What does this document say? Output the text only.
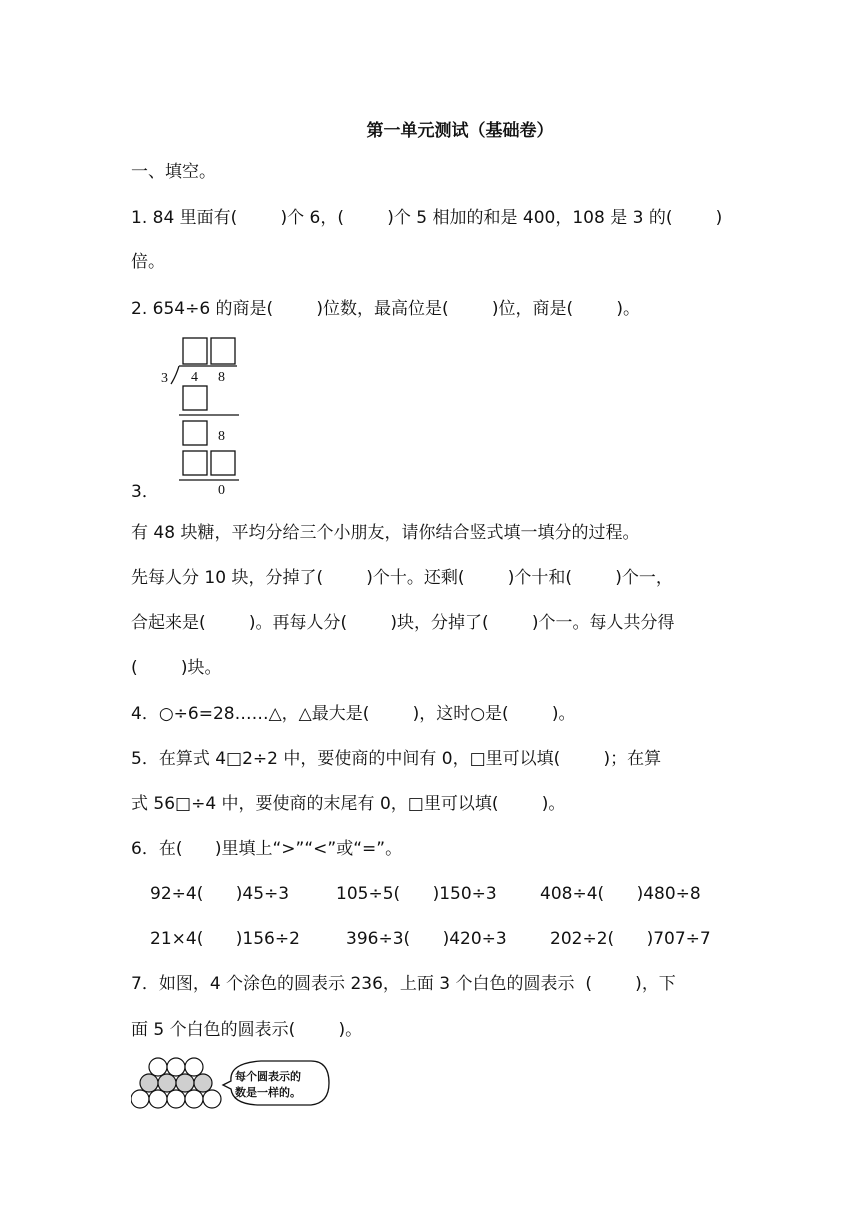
第一单元测试（基础卷）
一、填空。
1. 84 里面有(        )个 6，(        )个 5 相加的和是 400，108 是 3 的(        )
倍。
2. 654÷6 的商是(        )位数，最高位是(        )位，商是(        )。
3 4 8
8
0
3．
有 48 块糖，平均分给三个小朋友，请你结合竖式填一填分的过程。
先每人分 10 块，分掉了(        )个十。还剩(        )个十和(        )个一，
合起来是(        )。再每人分(        )块，分掉了(        )个一。每人共分得
(        )块。
4．○÷6=28……△，△最大是(        )，这时○是(        )。
5．在算式 4□2÷2 中，要使商的中间有 0，□里可以填(        )；在算
式 56□÷4 中，要使商的末尾有 0，□里可以填(        )。
6．在(      )里填上“>”“<”或“=”。
92÷4(      )45÷3	105÷5(      )150÷3	408÷4(      )480÷8
21×4(      )156÷2	396÷3(      )420÷3	202÷2(      )707÷7
7．如图，4 个涂色的圆表示 236，上面 3 个白色的圆表示  (        )，下
面 5 个白色的圆表示(        )。
每个圆表示的
数是一样的。
